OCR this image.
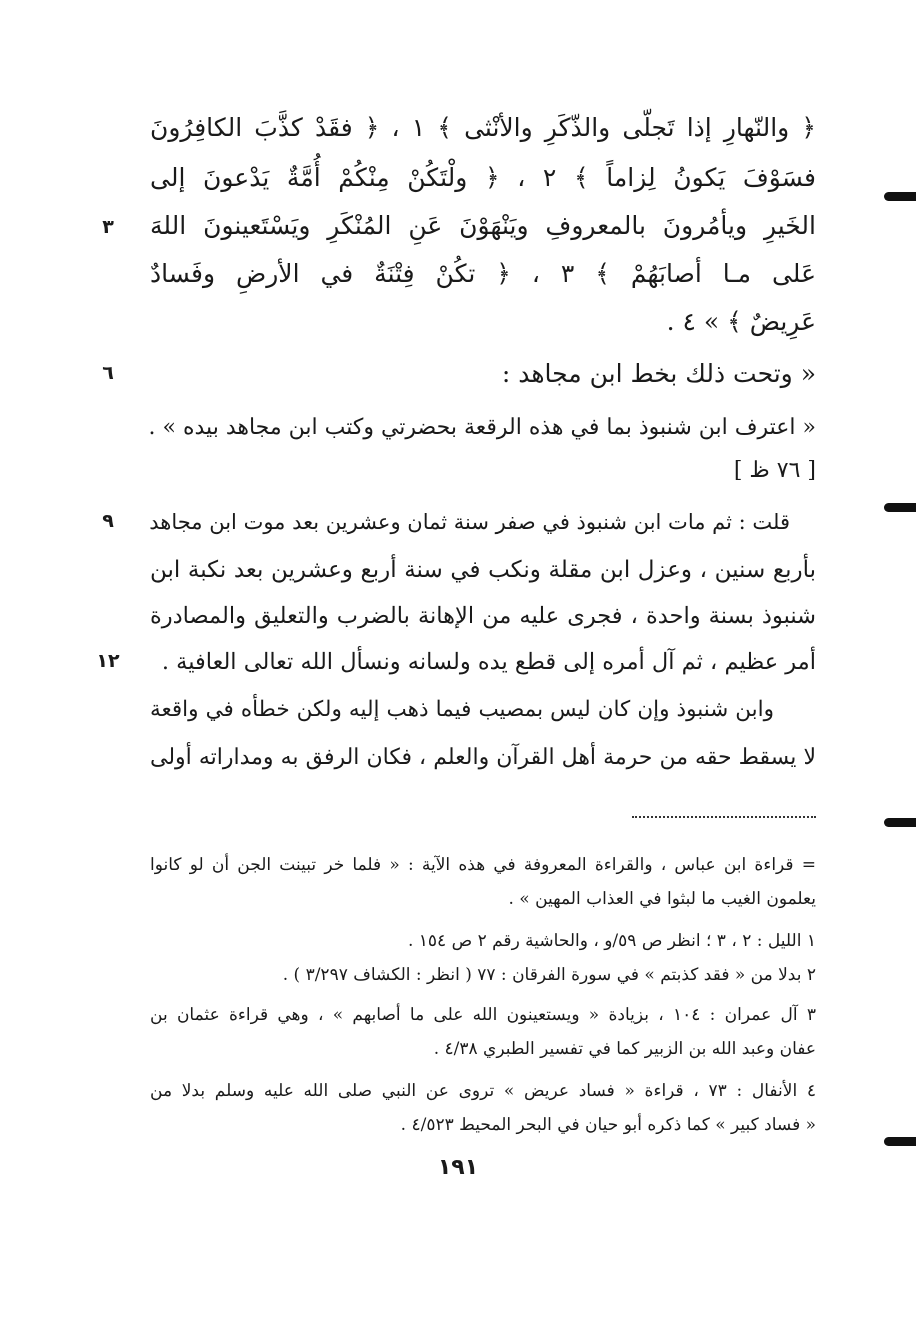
﴿ والنّهارِ إذا تَجلّى والذّكَرِ والأنْثى ﴾ ١ ، ﴿ فقَدْ كذَّبَ الكافِرُونَ
فسَوْفَ يَكونُ لِزاماً ﴾ ٢ ، ﴿ ولْتَكُنْ مِنْكُمْ أُمَّةٌ يَدْعونَ إلى
الخَيرِ ويأمُرونَ بالمعروفِ ويَنْهَوْنَ عَنِ المُنْكَرِ ويَسْتَعينونَ اللهَ
عَلى مـا أصابَهُمْ ﴾ ٣ ، ﴿ تكُنْ فِتْنَةٌ في الأرضِ وفَسادٌ
عَرِيضٌ ﴾ » ٤ .
« وتحت ذلك بخط ابن مجاهد :
« اعترف ابن شنبوذ بما في هذه الرقعة بحضرتي وكتب ابن مجاهد بيده » .
[ ٧٦ ظ ]
قلت : ثم مات ابن شنبوذ في صفر سنة ثمان وعشرين بعد موت ابن مجاهد
بأربع سنين ، وعزل ابن مقلة ونكب في سنة أربع وعشرين بعد نكبة ابن
شنبوذ بسنة واحدة ، فجرى عليه من الإهانة بالضرب والتعليق والمصادرة
أمر عظيم ، ثم آل أمره إلى قطع يده ولسانه ونسأل الله تعالى العافية .
وابن شنبوذ وإن كان ليس بمصيب فيما ذهب إليه ولكن خطأه في واقعة
لا يسقط حقه من حرمة أهل القرآن والعلم ، فكان الرفق به ومداراته أولى
٣
٦
٩
١٢
= قراءة ابن عباس ، والقراءة المعروفة في هذه الآية : « فلما خر تبينت الجن أن لو كانوا
يعلمون الغيب ما لبثوا في العذاب المهين » .
١ الليل : ٢ ، ٣ ؛ انظر ص ٥٩/و ، والحاشية رقم ٢ ص ١٥٤ .
٢ بدلا من « فقد كذبتم » في سورة الفرقان : ٧٧ ( انظر : الكشاف ٣/٢٩٧ ) .
٣ آل عمران : ١٠٤ ، بزيادة « ويستعينون الله على ما أصابهم » ، وهي قراءة عثمان بن
عفان وعبد الله بن الزبير كما في تفسير الطبري ٤/٣٨ .
٤ الأنفال : ٧٣ ، قراءة « فساد عريض » تروى عن النبي صلى الله عليه وسلم بدلا من
« فساد كبير » كما ذكره أبو حيان في البحر المحيط ٤/٥٢٣ .
١٩١
